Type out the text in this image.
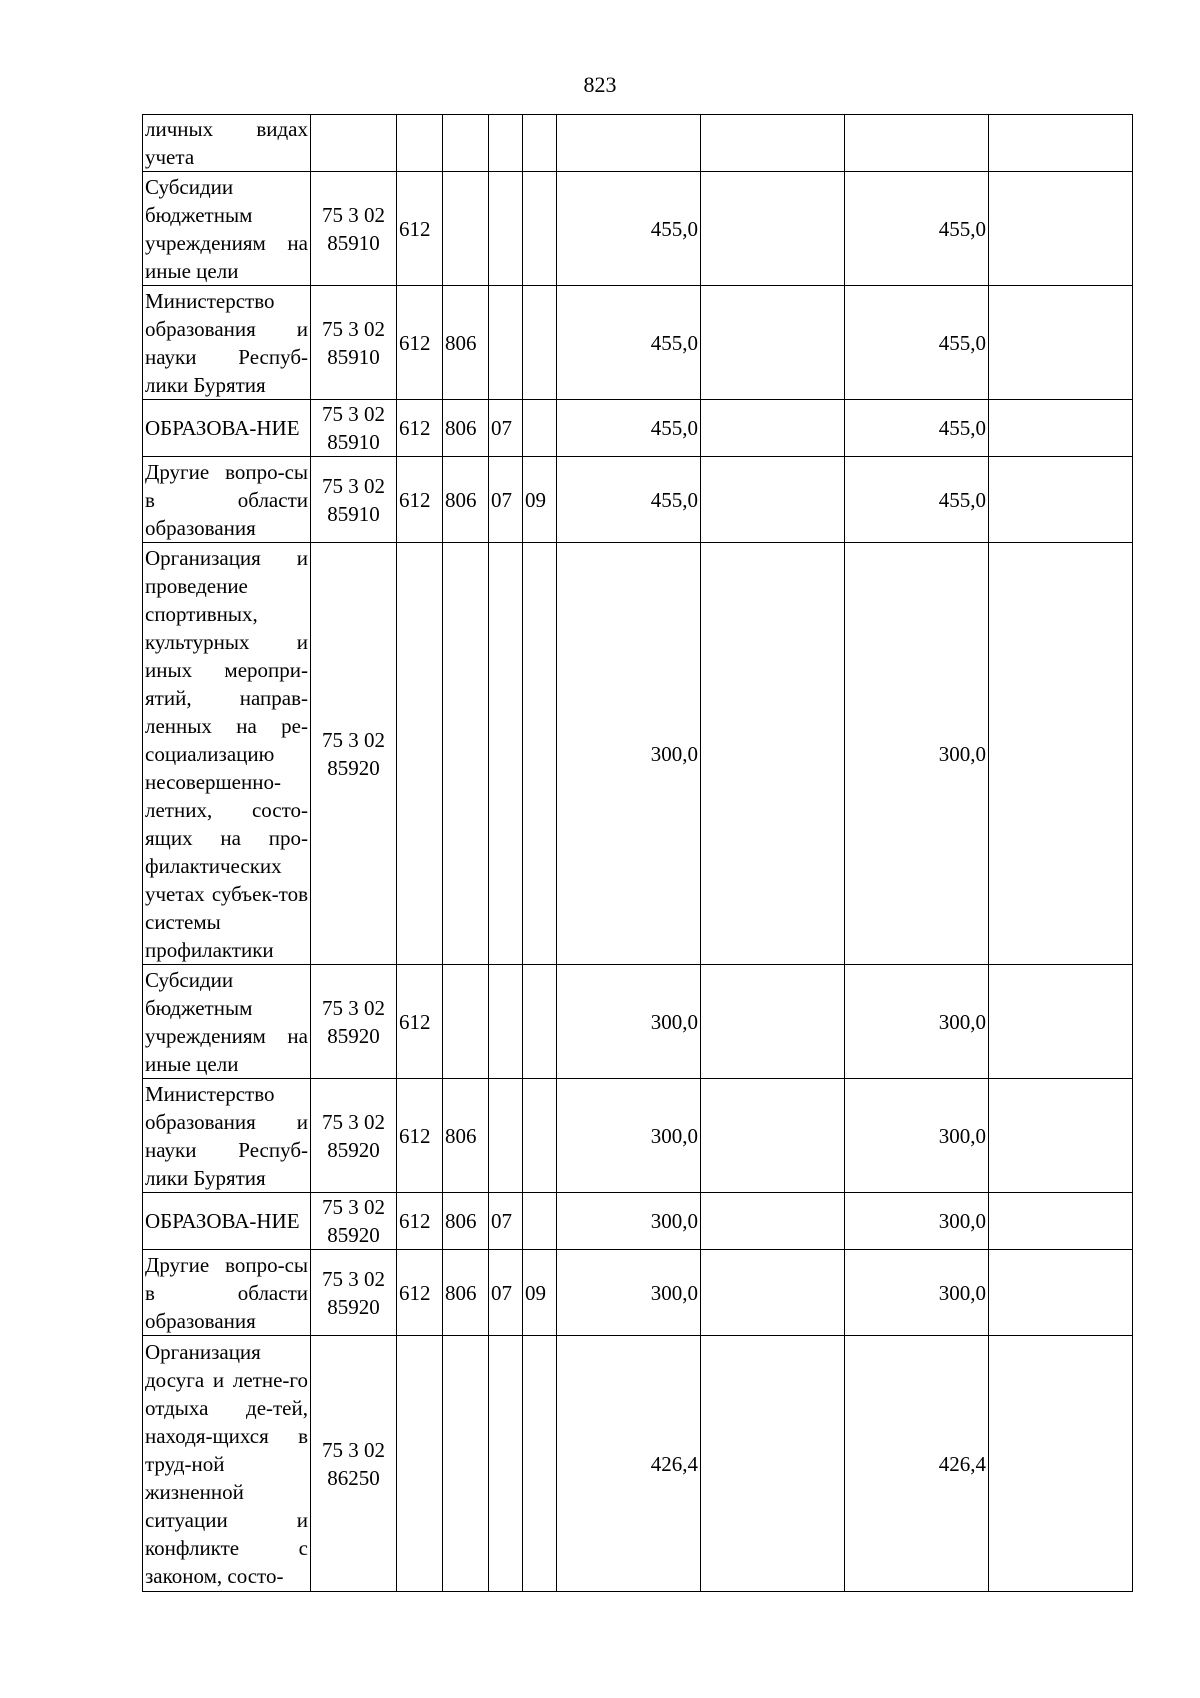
823
личных видах учета									
Субсидии бюджетным учреждениям на иные цели	75 3 02 85910	612				455,0		455,0	
Министерство образования и науки Респуб-лики Бурятия	75 3 02 85910	612	806			455,0		455,0	
ОБРАЗОВА-НИЕ	75 3 02 85910	612	806	07		455,0		455,0	
Другие вопро-сы в области образования	75 3 02 85910	612	806	07	09	455,0		455,0	
Организация и проведение спортивных, культурных и иных меропри-ятий, направ-ленных на ре-социализацию несовершенно-летних, состо-ящих на про-филактических учетах субъек-тов системы профилактики	75 3 02 85920					300,0		300,0	
Субсидии бюджетным учреждениям на иные цели	75 3 02 85920	612				300,0		300,0	
Министерство образования и науки Респуб-лики Бурятия	75 3 02 85920	612	806			300,0		300,0	
ОБРАЗОВА-НИЕ	75 3 02 85920	612	806	07		300,0		300,0	
Другие вопро-сы в области образования	75 3 02 85920	612	806	07	09	300,0		300,0	
Организация досуга и летне-го отдыха де-тей, находя-щихся в труд-ной жизненной ситуации и конфликте с законом, состо-	75 3 02 86250					426,4		426,4	
